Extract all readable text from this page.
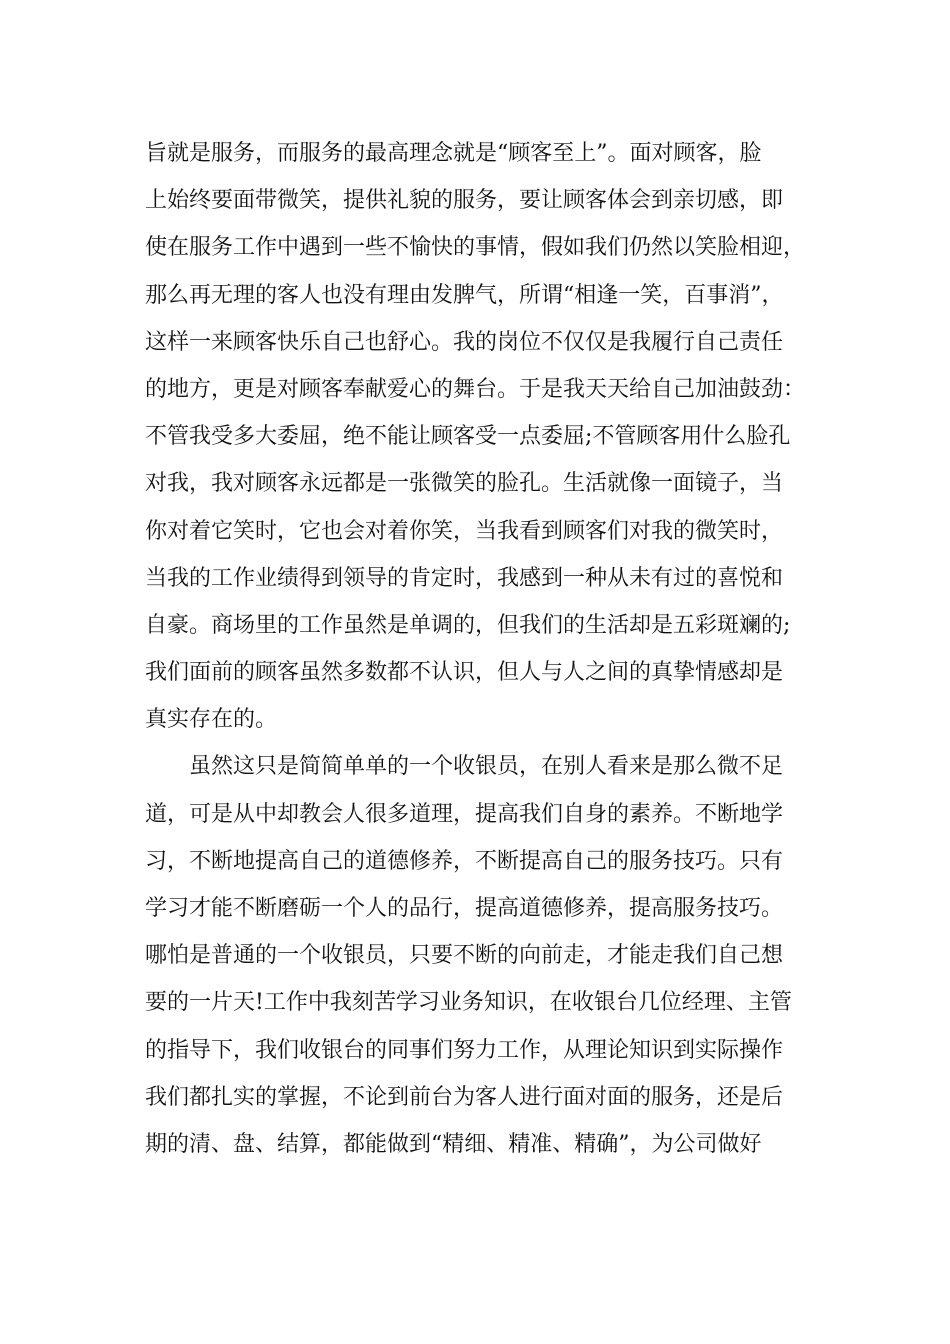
旨就是服务，而服务的最高理念就是“顾客至上”。面对顾客，脸
上始终要面带微笑，提供礼貌的服务，要让顾客体会到亲切感，即
使在服务工作中遇到一些不愉快的事情，假如我们仍然以笑脸相迎，
那么再无理的客人也没有理由发脾气，所谓“相逢一笑，百事消”，
这样一来顾客快乐自己也舒心。我的岗位不仅仅是我履行自己责任
的地方，更是对顾客奉献爱心的舞台。于是我天天给自己加油鼓劲：
不管我受多大委屈，绝不能让顾客受一点委屈;不管顾客用什么脸孔
对我，我对顾客永远都是一张微笑的脸孔。生活就像一面镜子，当
你对着它笑时，它也会对着你笑，当我看到顾客们对我的微笑时，
当我的工作业绩得到领导的肯定时，我感到一种从未有过的喜悦和
自豪。商场里的工作虽然是单调的，但我们的生活却是五彩斑斓的;
我们面前的顾客虽然多数都不认识，但人与人之间的真挚情感却是
真实存在的。
虽然这只是简简单单的一个收银员，在别人看来是那么微不足
道，可是从中却教会人很多道理，提高我们自身的素养。不断地学
习，不断地提高自己的道德修养，不断提高自己的服务技巧。只有
学习才能不断磨砺一个人的品行，提高道德修养，提高服务技巧。
哪怕是普通的一个收银员，只要不断的向前走，才能走我们自己想
要的一片天!工作中我刻苦学习业务知识，在收银台几位经理、主管
的指导下，我们收银台的同事们努力工作，从理论知识到实际操作
我们都扎实的掌握，不论到前台为客人进行面对面的服务，还是后
期的清、盘、结算，都能做到“精细、精准、精确”，为公司做好
